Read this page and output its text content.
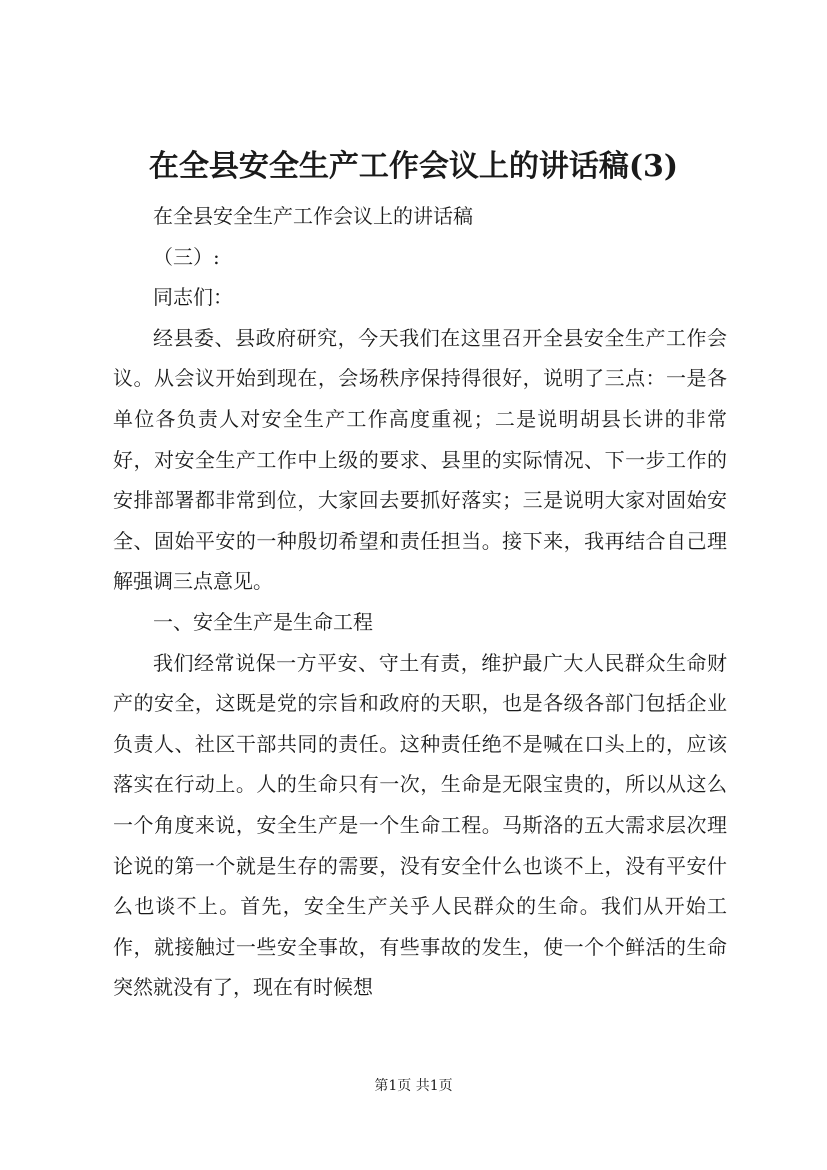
在全县安全生产工作会议上的讲话稿(3)

在全县安全生产工作会议上的讲话稿

（三）:

同志们：

经县委、县政府研究，今天我们在这里召开全县安全生产工作会议。从会议开始到现在，会场秩序保持得很好，说明了三点：一是各单位各负责人对安全生产工作高度重视；二是说明胡县长讲的非常好，对安全生产工作中上级的要求、县里的实际情况、下一步工作的安排部署都非常到位，大家回去要抓好落实；三是说明大家对固始安全、固始平安的一种殷切希望和责任担当。接下来，我再结合自己理解强调三点意见。

一、安全生产是生命工程

我们经常说保一方平安、守土有责，维护最广大人民群众生命财产的安全，这既是党的宗旨和政府的天职，也是各级各部门包括企业负责人、社区干部共同的责任。这种责任绝不是喊在口头上的，应该落实在行动上。人的生命只有一次，生命是无限宝贵的，所以从这么一个角度来说，安全生产是一个生命工程。马斯洛的五大需求层次理论说的第一个就是生存的需要，没有安全什么也谈不上，没有平安什么也谈不上。首先，安全生产关乎人民群众的生命。我们从开始工作，就接触过一些安全事故，有些事故的发生，使一个个鲜活的生命突然就没有了，现在有时候想

第1页 共1页
